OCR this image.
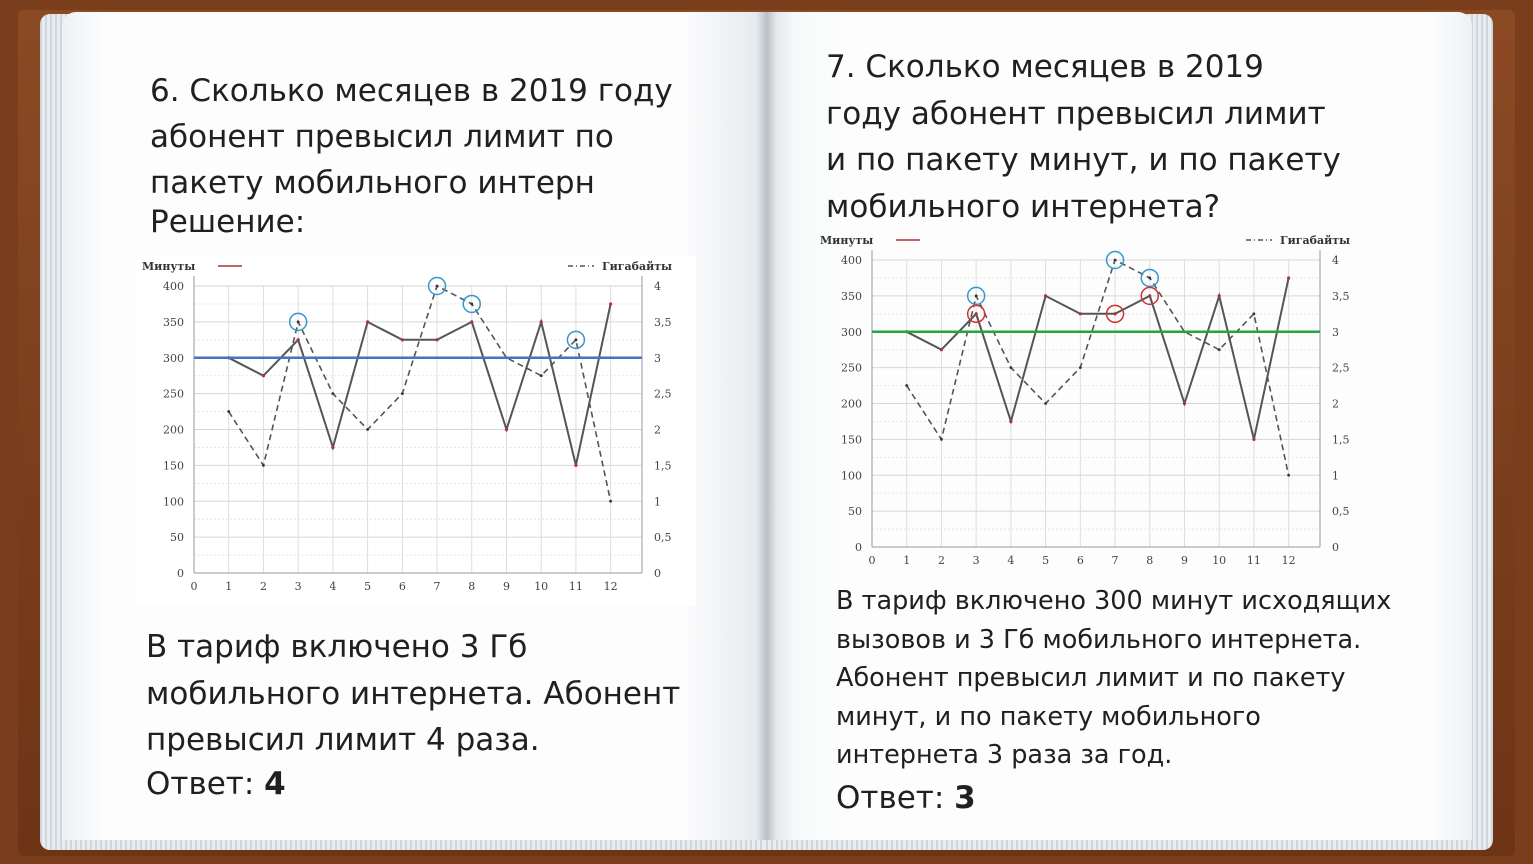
6. Сколько месяцев в 2019 году
абонент превысил лимит по
пакету мобильного интерн
Решение:
0
50
100
150
200
250
300
350
400
0
0,5
1
1,5
2
2,5
3
3,5
4
0	1	2	3	4	5	6	7	8	9 10 11 12
Минуты	Гигабайты
В тариф включено 3 Гб
мобильного интернета. Абонент
превысил лимит 4 раза.
Ответ: 4
7. Сколько месяцев в 2019
году абонент превысил лимит
и по пакету минут, и по пакету
мобильного интернета?
0
50
100
150
200
250
300
350
400
0
0,5
1
1,5
2
2,5
3
3,5
4
0	1	2	3	4	5	6	7	8	9 10 11 12
Минуты	Гигабайты
В тариф включено 300 минут исходящих
вызовов и 3 Гб мобильного интернета.
Абонент превысил лимит и по пакету
минут, и по пакету мобильного
интернета 3 раза за год.
Ответ: 3
